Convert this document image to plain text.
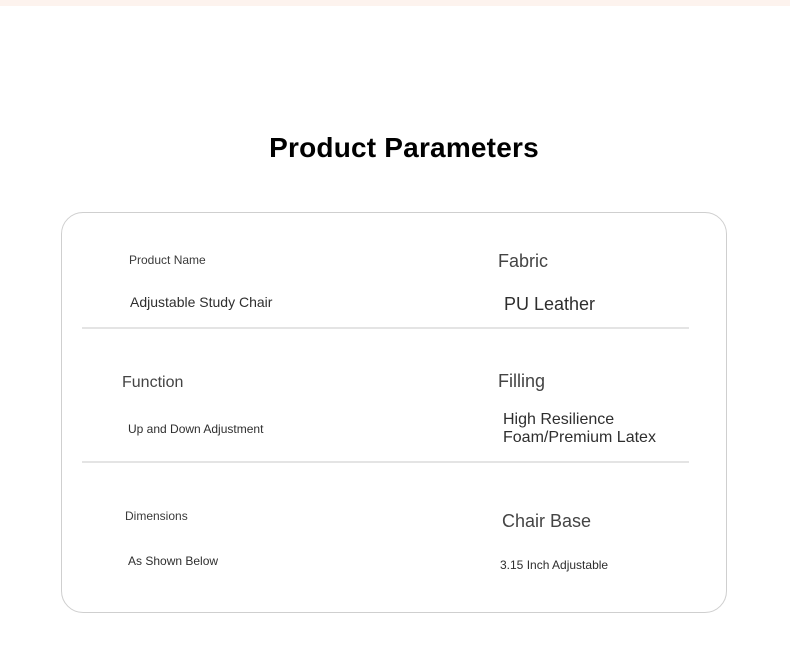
Product Parameters
Product Name
Adjustable Study Chair
Fabric
PU Leather
Function
Up and Down Adjustment
Filling
High Resilience Foam/Premium Latex
Dimensions
As Shown Below
Chair Base
3.15 Inch Adjustable
